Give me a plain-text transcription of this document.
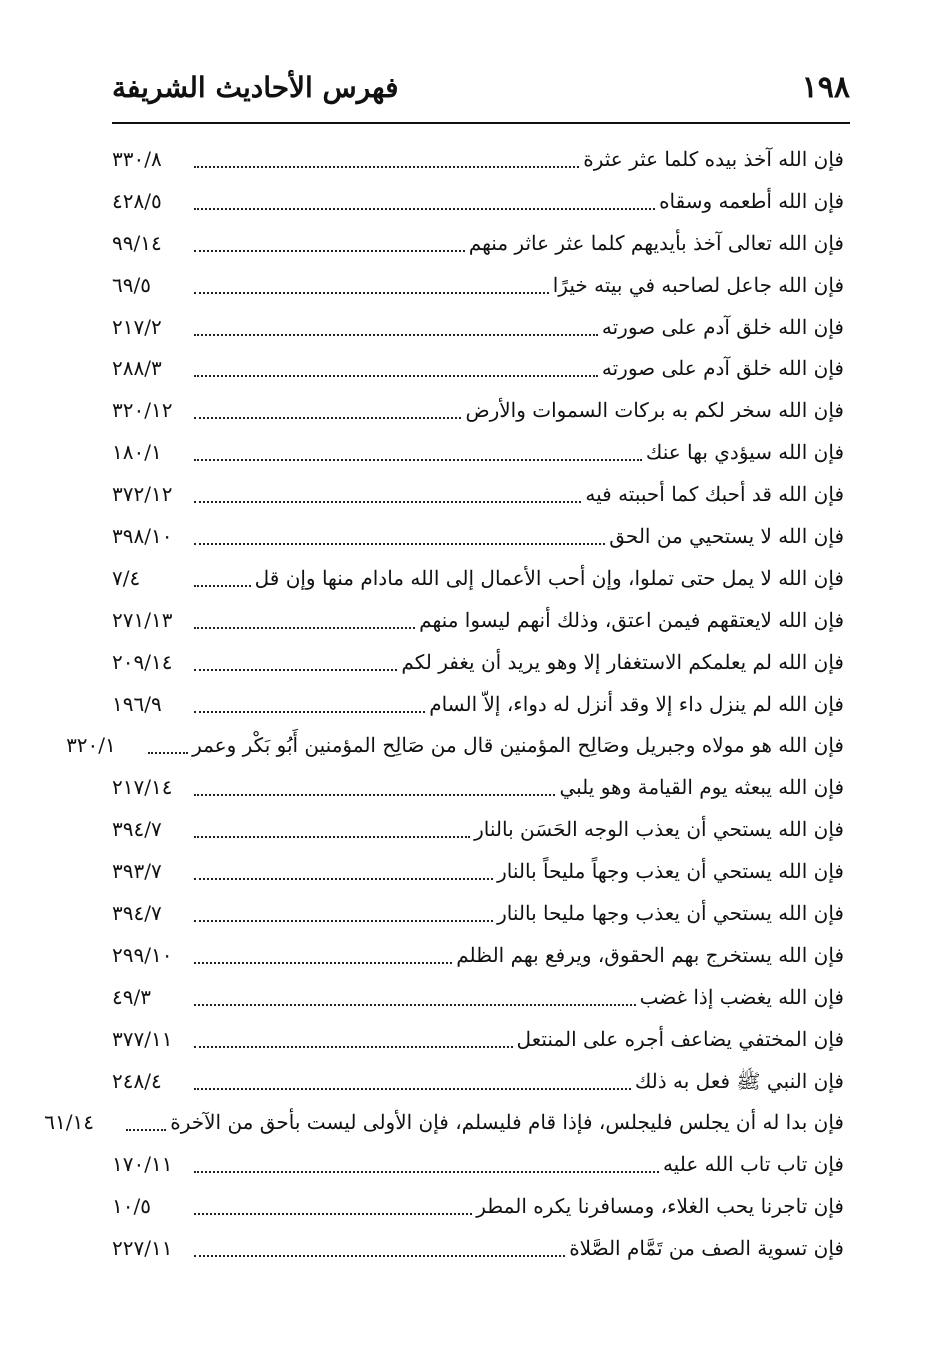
١٩٨
فهرس الأحاديث الشريفة
فإن الله آخذ بيده كلما عثر عثرة
٣٣٠/٨
فإن الله أطعمه وسقاه
٤٢٨/٥
فإن الله تعالى آخذ بأيديهم كلما عثر عاثر منهم
٩٩/١٤
فإن الله جاعل لصاحبه في بيته خيرًا
٦٩/٥
فإن الله خلق آدم على صورته
٢١٧/٢
فإن الله خلق آدم على صورته
٢٨٨/٣
فإن الله سخر لكم به بركات السموات والأرض
٣٢٠/١٢
فإن الله سيؤدي بها عنك
١٨٠/١
فإن الله قد أحبك كما أحببته فيه
٣٧٢/١٢
فإن الله لا يستحيي من الحق
٣٩٨/١٠
فإن الله لا يمل حتى تملوا، وإن أحب الأعمال إلى الله مادام منها وإن قل
٧/٤
فإن الله لايعتقهم فيمن اعتق، وذلك أنهم ليسوا منهم
٢٧١/١٣
فإن الله لم يعلمكم الاستغفار إلا وهو يريد أن يغفر لكم
٢٠٩/١٤
فإن الله لم ينزل داء إلا وقد أنزل له دواء، إلاّ السام
١٩٦/٩
فإن الله هو مولاه وجبريل وصَالِح المؤمنين قال من صَالِح المؤمنين أَبُو بَكْر وعمر
٣٢٠/١
فإن الله يبعثه يوم القيامة وهو يلبي
٢١٧/١٤
فإن الله يستحي أن يعذب الوجه الحَسَن بالنار
٣٩٤/٧
فإن الله يستحي أن يعذب وجهاً مليحاً بالنار
٣٩٣/٧
فإن الله يستحي أن يعذب وجها مليحا بالنار
٣٩٤/٧
فإن الله يستخرج بهم الحقوق، ويرفع بهم الظلم
٢٩٩/١٠
فإن الله يغضب إذا غضب
٤٩/٣
فإن المختفي يضاعف أجره على المنتعل
٣٧٧/١١
فإن النبي ﷺ فعل به ذلك
٢٤٨/٤
فإن بدا له أن يجلس فليجلس، فإذا قام فليسلم، فإن الأولى ليست بأحق من الآخرة
٦١/١٤
فإن تاب تاب الله عليه
١٧٠/١١
فإن تاجرنا يحب الغلاء، ومسافرنا يكره المطر
١٠/٥
فإن تسوية الصف من تَمَّام الصَّلاة
٢٢٧/١١
